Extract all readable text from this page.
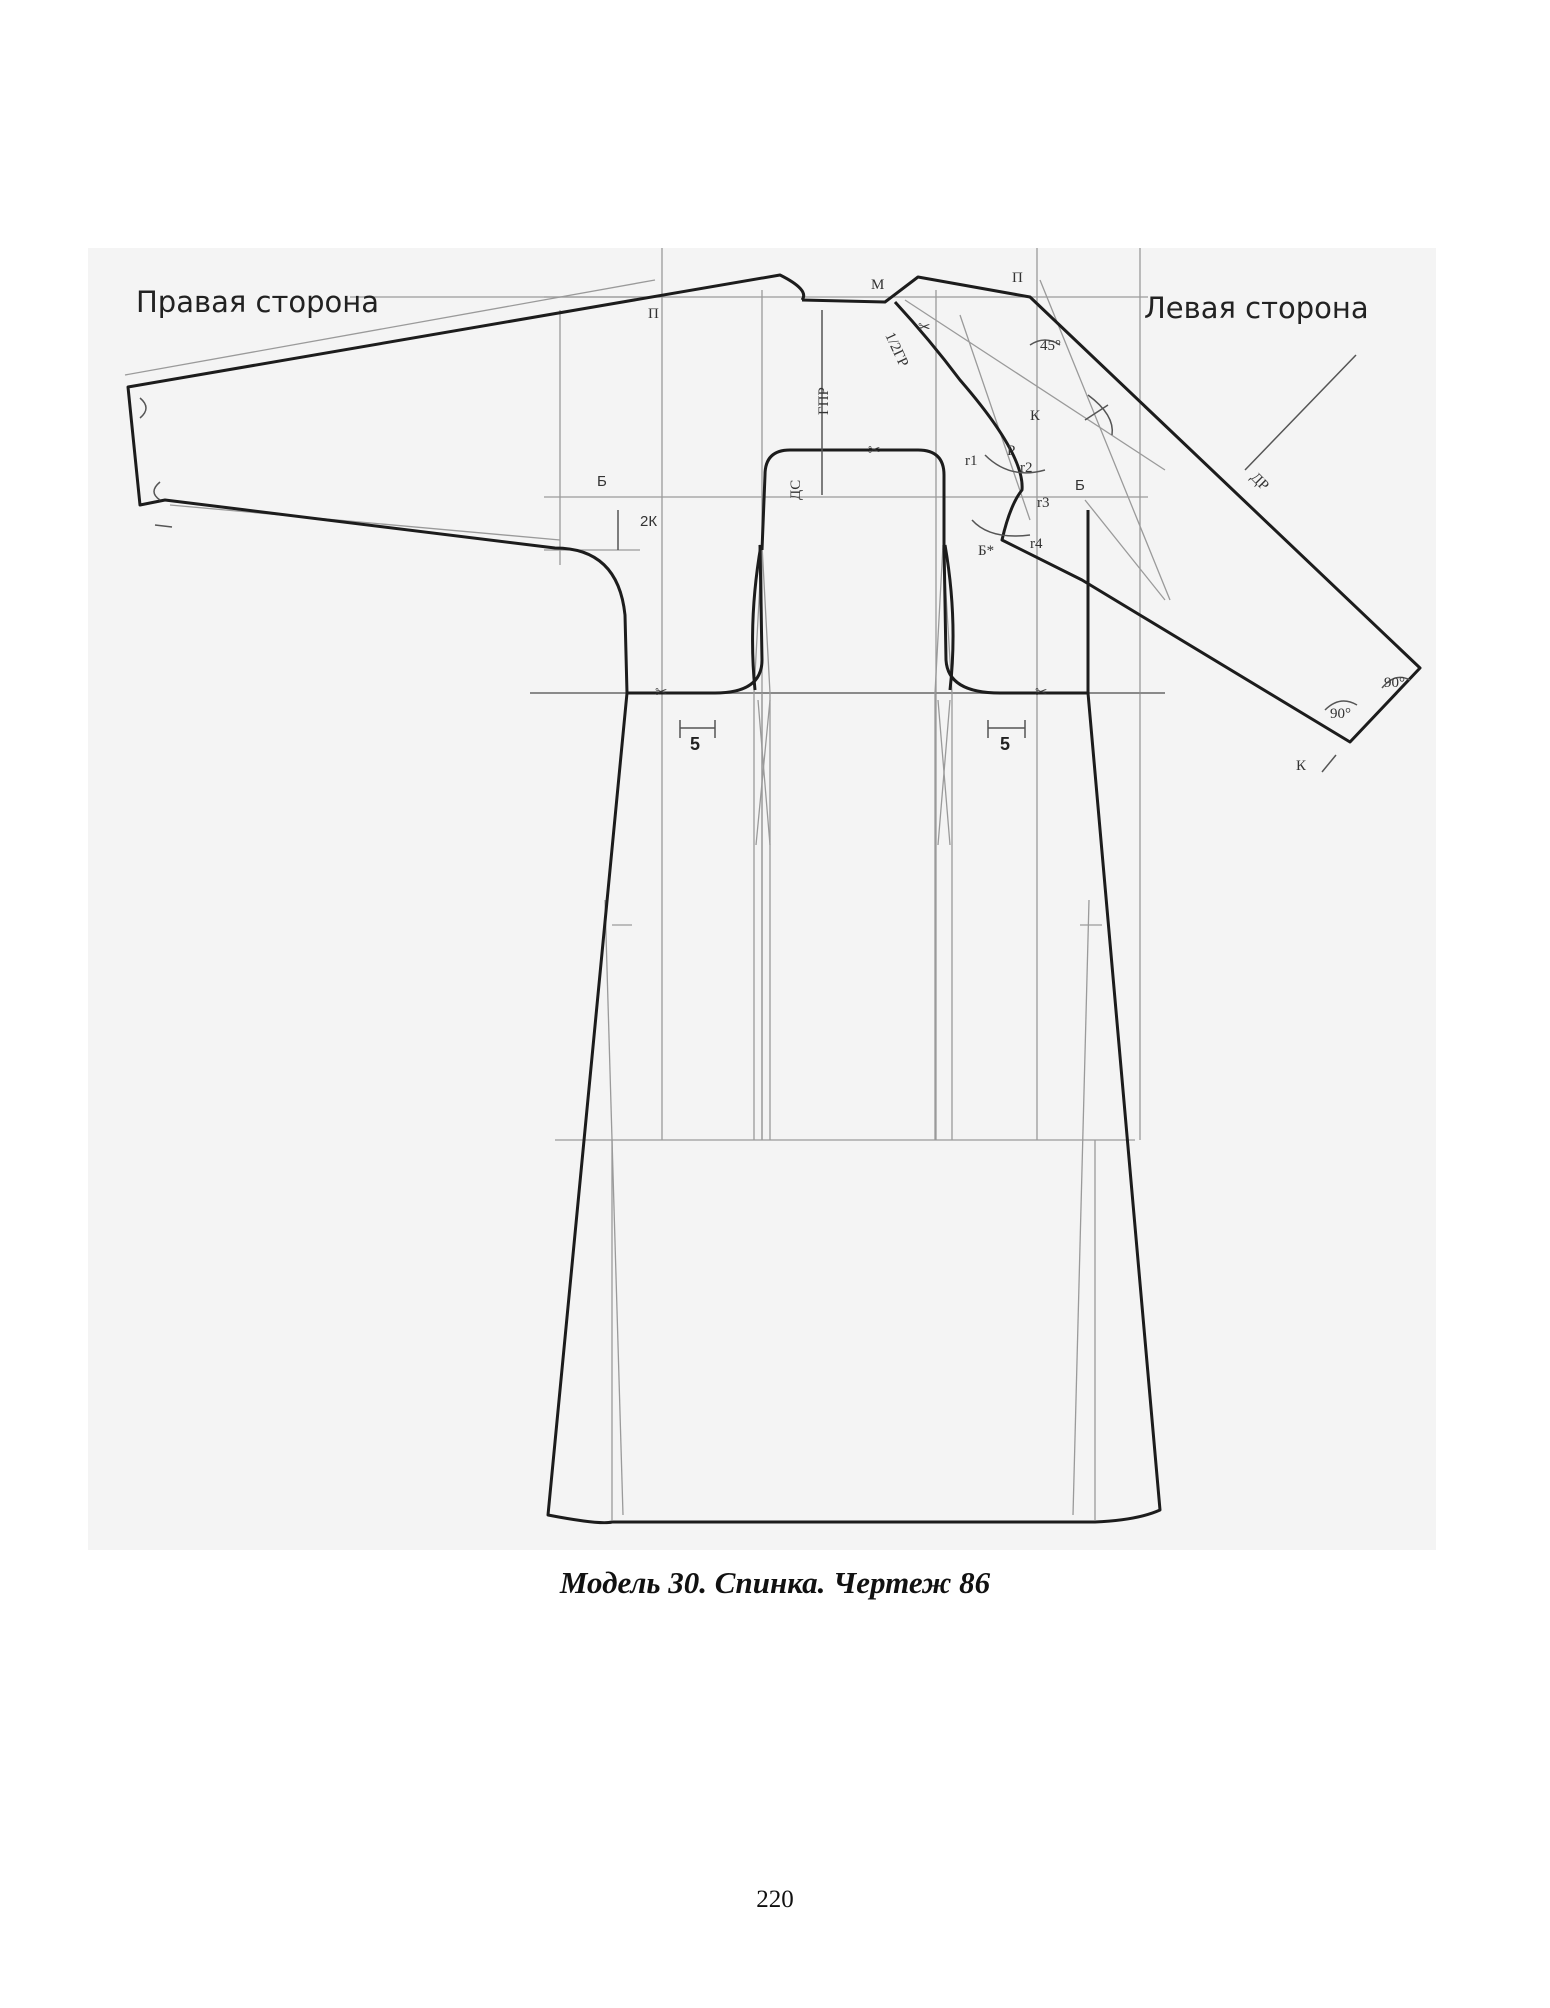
✂	✂
✂
✂
М
П
П
Б	Б
Б*
К
Р
2К
ГПР
ДС
1/2ГР
ДР
45°
90°
90°
К
5	5
r1	r2
r3
r4
Правая сторона	Левая сторона
Модель 30. Спинка. Чертеж 86
220
